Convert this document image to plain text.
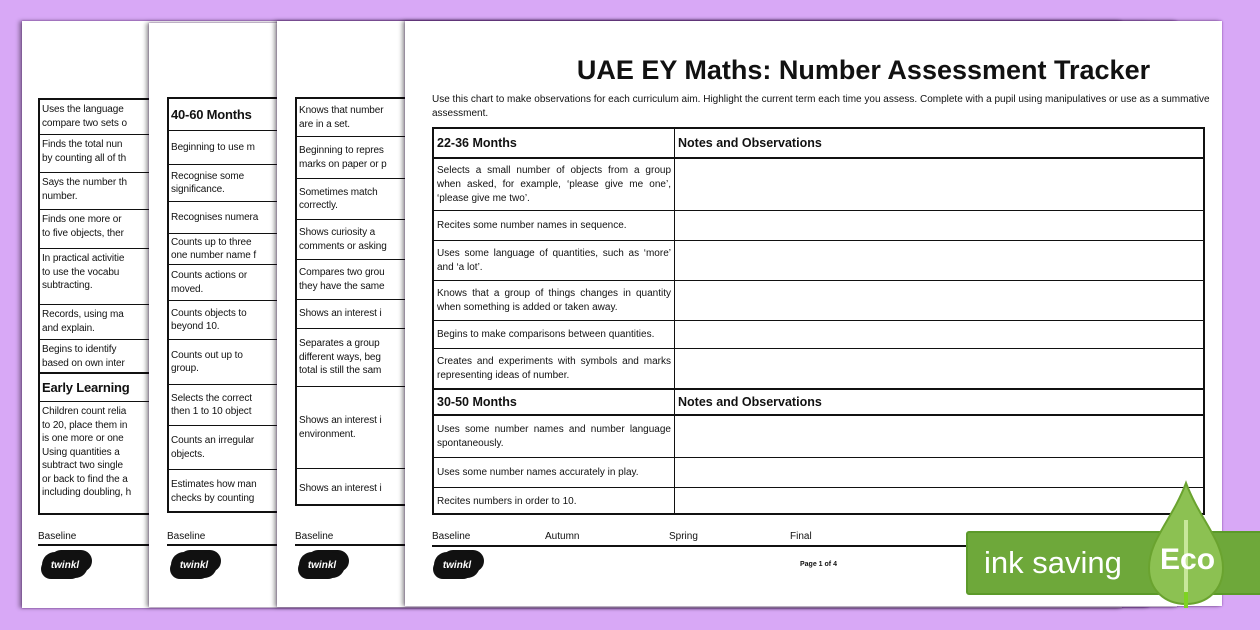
Uses the language
compare two sets o
Finds the total nun
by counting all of th
Says the number th
number.
Finds one more or
to five objects, ther
In practical activitie
to use the vocabu
subtracting.
Records, using ma
and explain.
Begins to identify
based on own inter
Early Learning
Children count relia
to 20, place them in
is one more or one
Using quantities a
subtract two single
or back to find the a
including doubling, h
Baseline
twinkl
40-60 Months
Beginning to use m
Recognise some
significance.
Recognises numera
Counts up to three
one number name f
Counts actions or
moved.
Counts objects to
beyond 10.
Counts out up to
group.
Selects the correct
then 1 to 10 object
Counts an irregular
objects.
Estimates how man
checks by counting
Baseline
twinkl
Knows that number
are in a set.
Beginning to repres
marks on paper or p
Sometimes match
correctly.
Shows curiosity a
comments or asking
Compares two grou
they have the same
Shows an interest i
Separates a group
different ways, beg
total is still the sam
Shows an interest i
environment.
Shows an interest i
Baseline
twinkl
UAE EY Maths: Number Assessment Tracker
Use this chart to make observations for each curriculum aim. Highlight the current term each time you assess. Complete with a pupil using manipulatives or use as a summative assessment.
22-36 Months	Notes and Observations
Selects a small number of objects from a group when asked, for example, ‘please give me one’, ‘please give me two’.
Recites some number names in sequence.
Uses some language of quantities, such as ‘more’ and ‘a lot’.
Knows that a group of things changes in quantity when something is added or taken away.
Begins to make comparisons between quantities.
Creates and experiments with symbols and marks representing ideas of number.
30-50 Months	Notes and Observations
Uses some number names and number language spontaneously.
Uses some number names accurately in play.
Recites numbers in order to 10.
Baseline	Autumn	Spring	Final
twinkl	Page 1 of 4	ink saving Eco
